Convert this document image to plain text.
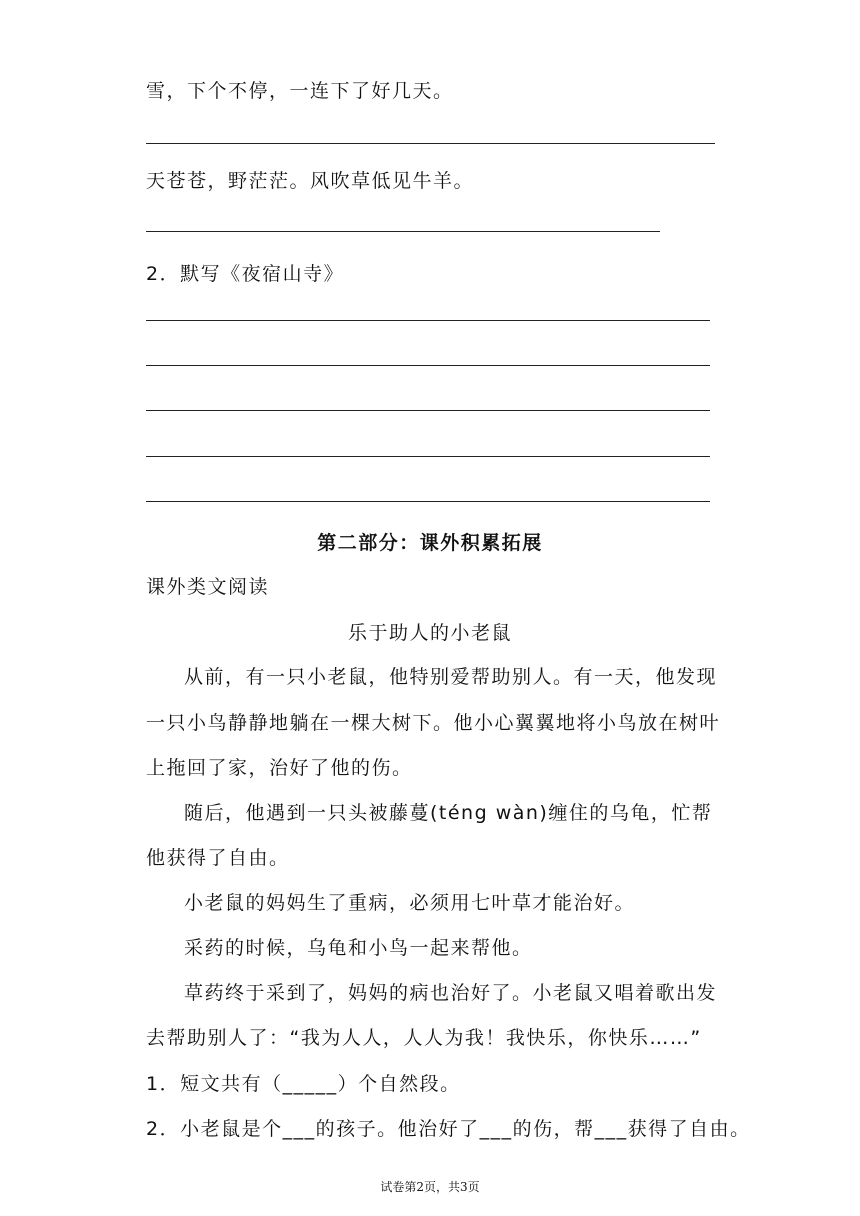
雪，下个不停，一连下了好几天。
天苍苍，野茫茫。风吹草低见牛羊。
2．默写《夜宿山寺》
第二部分：课外积累拓展
课外类文阅读
乐于助人的小老鼠
从前，有一只小老鼠，他特别爱帮助别人。有一天，他发现
一只小鸟静静地躺在一棵大树下。他小心翼翼地将小鸟放在树叶
上拖回了家，治好了他的伤。
随后，他遇到一只头被藤蔓(téng wàn)缠住的乌龟，忙帮
他获得了自由。
小老鼠的妈妈生了重病，必须用七叶草才能治好。
采药的时候，乌龟和小鸟一起来帮他。
草药终于采到了，妈妈的病也治好了。小老鼠又唱着歌出发
去帮助别人了：“我为人人，人人为我！我快乐，你快乐……”
1．短文共有（_____）个自然段。
2．小老鼠是个___的孩子。他治好了___的伤，帮___获得了自由。
试卷第2页，共3页
